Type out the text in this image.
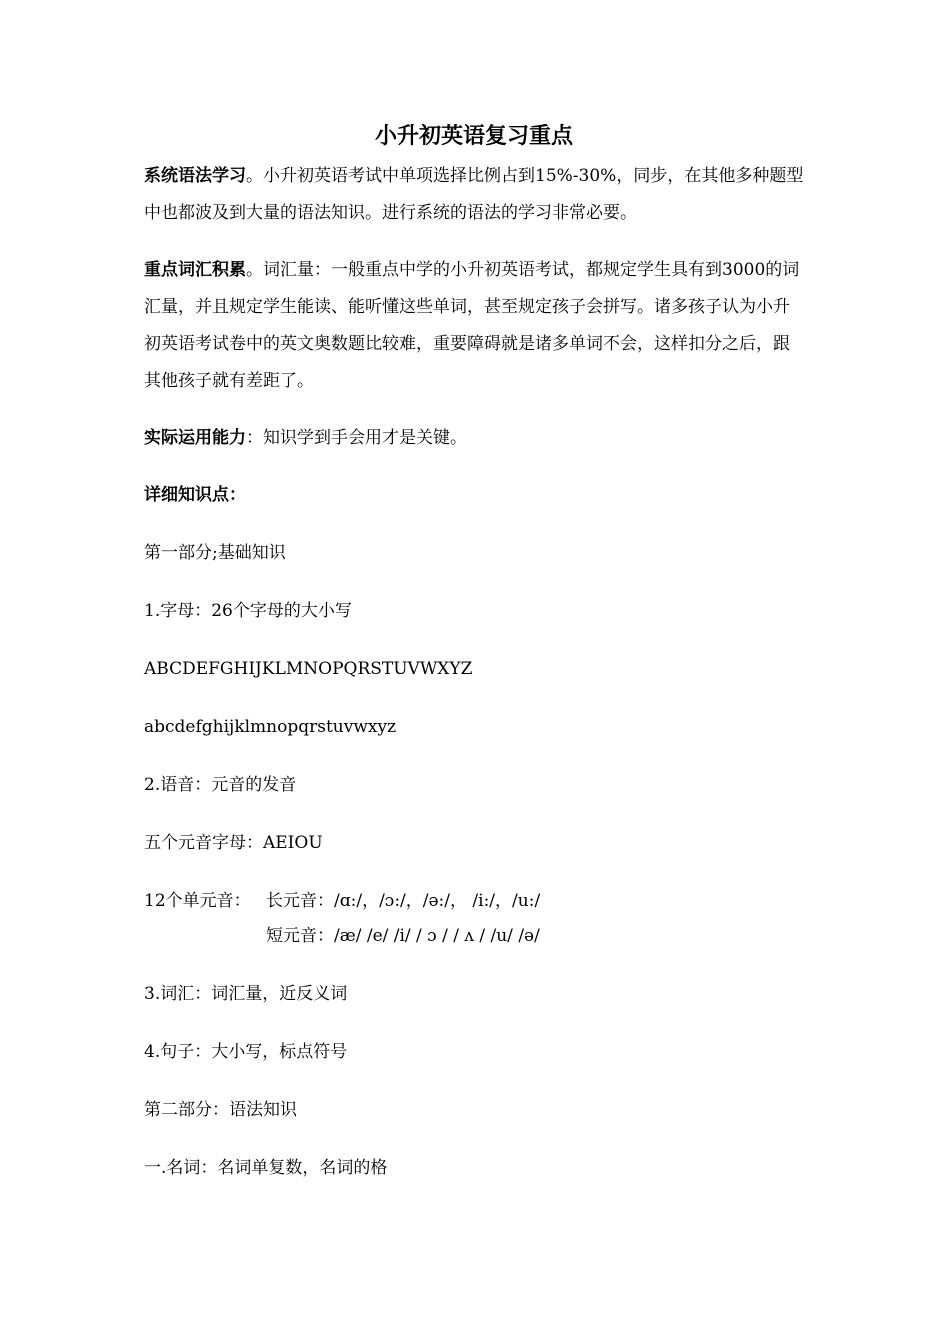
小升初英语复习重点

系统语法学习。小升初英语考试中单项选择比例占到15%-30%，同步，在其他多种题型中也都波及到大量的语法知识。进行系统的语法的学习非常必要。

重点词汇积累。词汇量：一般重点中学的小升初英语考试，都规定学生具有到3000的词汇量，并且规定学生能读、能听懂这些单词，甚至规定孩子会拼写。诸多孩子认为小升初英语考试卷中的英文奥数题比较难，重要障碍就是诸多单词不会，这样扣分之后，跟其他孩子就有差距了。

实际运用能力：知识学到手会用才是关键。

详细知识点：

第一部分;基础知识

1.字母：26个字母的大小写

ABCDEFGHIJKLMNOPQRSTUVWXYZ

abcdefghijklmnopqrstuvwxyz

2.语音：元音的发音

五个元音字母：AEIOU

12个单元音： 长元音：/ɑ:/，/ɔ:/，/ə:/， /i:/，/u:/

短元音：/æ/ /e/ /i/ / ɔ / / ʌ / /u/ /ə/

3.词汇：词汇量，近反义词

4.句子：大小写，标点符号

第二部分：语法知识

一.名词：名词单复数，名词的格
